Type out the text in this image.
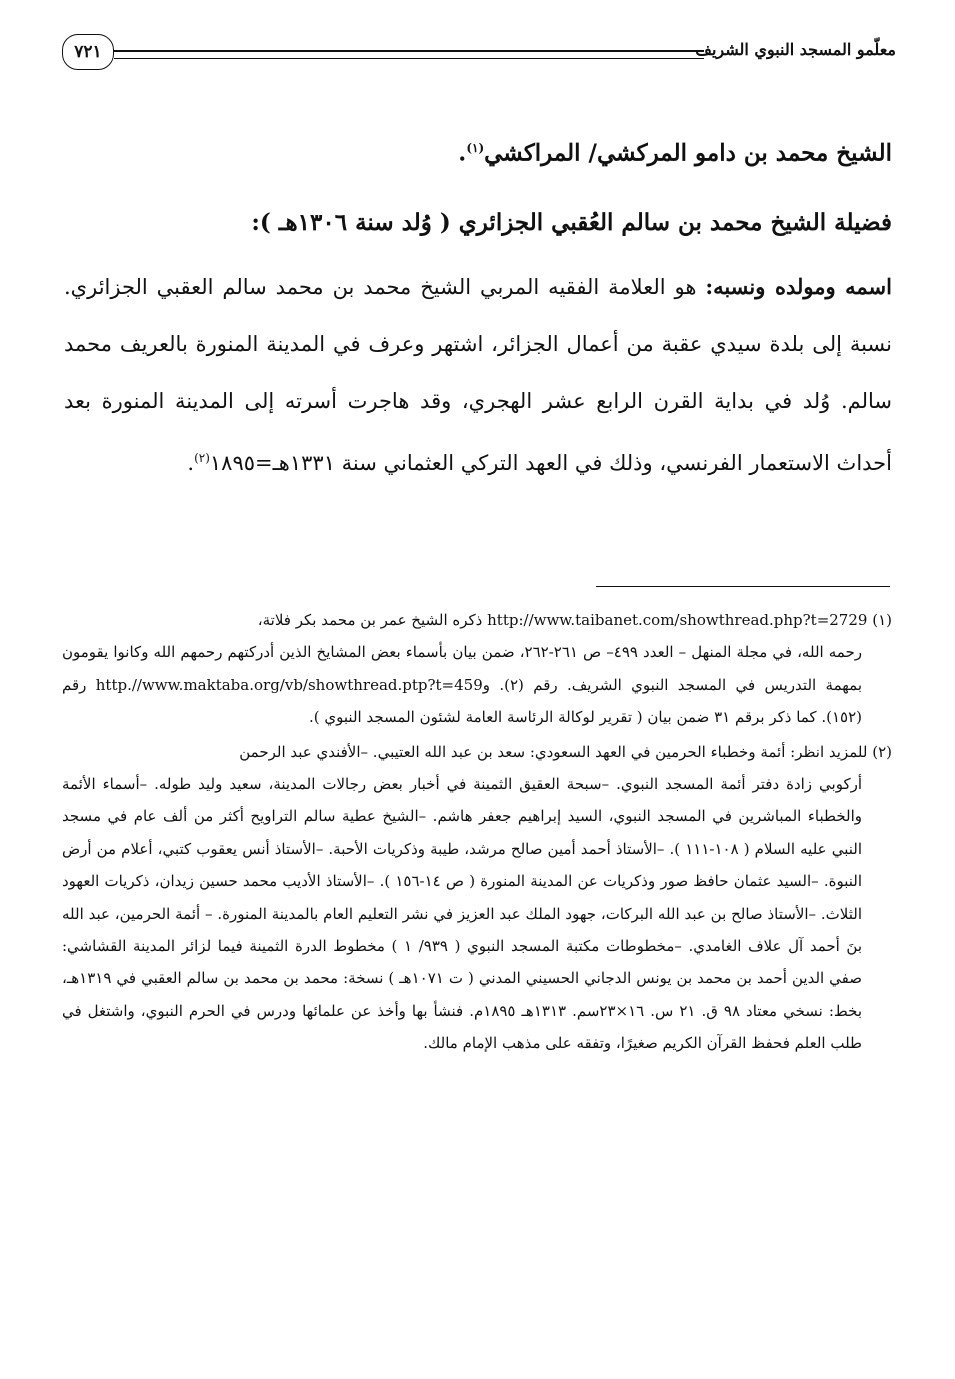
معلّمو المسجد النبوي الشريف
٧٢١
الشيخ محمد بن دامو المركشي/ المراكشي$^{(١)}$.
فضيلة الشيخ محمد بن سالم العُقبي الجزائري ( وُلد سنة ١٣٠٦هـ ):

اسمه ومولده ونسبه: هو العلامة الفقيه المربي الشيخ محمد بن محمد سالم العقبي الجزائري. نسبة إلى بلدة سيدي عقبة من أعمال الجزائر، اشتهر وعرف في المدينة المنورة بالعريف محمد سالم. وُلد في بداية القرن الرابع عشر الهجري، وقد هاجرت أسرته إلى المدينة المنورة بعد أحداث الاستعمار الفرنسي، وذلك في العهد التركي العثماني سنة $١٣٣١هـ=١٨٩٥^{(٢)}$.

(١) http://www.taibanet.com/showthread.php?t=2729 ذكره الشيخ عمر بن محمد بكر فلاتة،
رحمه الله، في مجلة المنهل – العدد ٤٩٩– ص ٢٦١-٢٦٢، ضمن بيان بأسماء بعض المشايخ الذين أدركتهم رحمهم الله وكانوا يقومون بمهمة التدريس في المسجد النبوي الشريف. رقم (٢). وhttp.//www.maktaba.org/vb/showthread.ptp?t=459 رقم (١٥٢). كما ذكر برقم ٣١ ضمن بيان ( تقرير لوكالة الرئاسة العامة لشئون المسجد النبوي ).
(٢) للمزيد انظر: أئمة وخطباء الحرمين في العهد السعودي: سعد بن عبد الله العتيبي. –الأفندي عبد الرحمن
أركوبي زادة دفتر أئمة المسجد النبوي. –سبحة العقيق الثمينة في أخبار بعض رجالات المدينة، سعيد وليد طوله. –أسماء الأئمة والخطباء المباشرين في المسجد النبوي، السيد إبراهيم جعفر هاشم. –الشيخ عطية سالم التراويح أكثر من ألف عام في مسجد النبي عليه السلام ( ١٠٨-١١١ ). –الأستاذ أحمد أمين صالح مرشد، طيبة وذكريات الأحبة. –الأستاذ أنس يعقوب كتبي، أعلام من أرض النبوة. –السيد عثمان حافظ صور وذكريات عن المدينة المنورة ( ص ١٤-١٥٦ ). –الأستاذ الأديب محمد حسين زيدان، ذكريات العهود الثلاث. –الأستاذ صالح بن عبد الله البركات، جهود الملك عبد العزيز في نشر التعليم العام بالمدينة المنورة. – أئمة الحرمين، عبد الله بنَ أحمد آل علاف الغامدي. –مخطوطات مكتبة المسجد النبوي ( ٩٣٩/ ١ ) مخطوط الدرة الثمينة فيما لزائر المدينة القشاشي: صفي الدين أحمد بن محمد بن يونس الدجاني الحسيني المدني ( ت ١٠٧١هـ ) نسخة: محمد بن محمد بن سالم العقبي في ١٣١٩هـ، بخط: نسخي معتاد ٩٨ ق. ٢١ س. ١٦×٢٣سم. ١٣١٣هـ ١٨٩٥م. فنشأ بها وأخذ عن علمائها ودرس في الحرم النبوي، واشتغل في طلب العلم فحفظ القرآن الكريم صغيرًا، وتفقه على مذهب الإمام مالك.
